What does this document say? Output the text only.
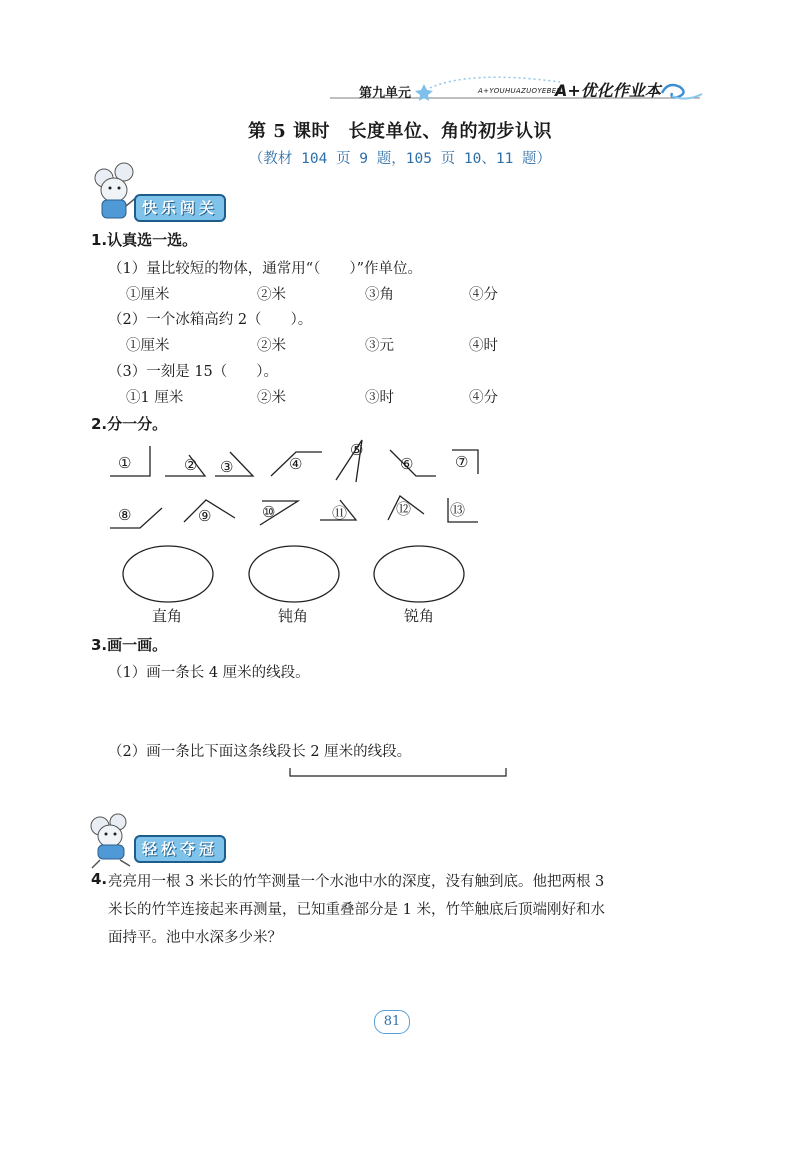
第九单元	A+YOUHUAZUOYEBEN
A+优化作业本
第 5 课时　长度单位、角的初步认识
（教材 104 页 9 题，105 页 10、11 题）
快乐闯关
1.认真选一选。
（1）量比较短的物体，通常用“（　　）”作单位。
①厘米	②米	③角	④分
（2）一个冰箱高约 2（　　）。
①厘米	②米	③元	④时
（3）一刻是 15（　　）。
①1 厘米	②米	③时	④分
2.分一分。
①	② ③	④
⑤
⑥	⑦
⑧	⑨	⑩	⑪	⑫	⑬
直角	钝角	锐角
3.画一画。
（1）画一条长 4 厘米的线段。
（2）画一条比下面这条线段长 2 厘米的线段。
轻松夺冠
4. 亮亮用一根 3 米长的竹竿测量一个水池中水的深度，没有触到底。他把两根 3
米长的竹竿连接起来再测量，已知重叠部分是 1 米，竹竿触底后顶端刚好和水
面持平。池中水深多少米？
81
